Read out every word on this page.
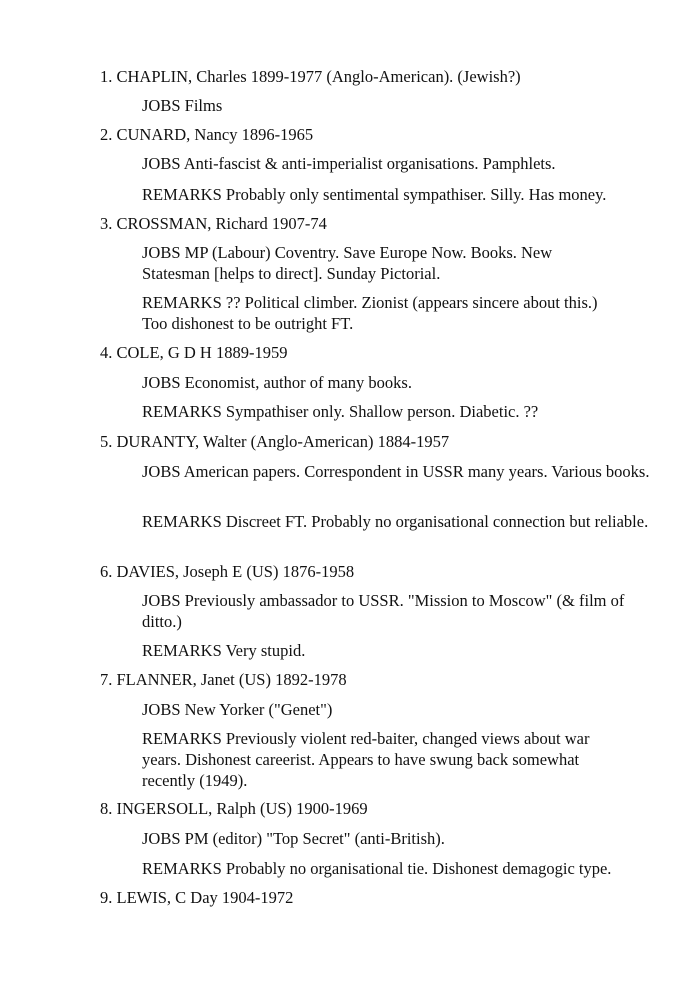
1. CHAPLIN, Charles 1899-1977 (Anglo-American). (Jewish?)
JOBS Films
2. CUNARD, Nancy 1896-1965
JOBS Anti-fascist & anti-imperialist organisations. Pamphlets.
REMARKS Probably only sentimental sympathiser. Silly. Has money.
3. CROSSMAN, Richard 1907-74
JOBS MP (Labour) Coventry. Save Europe Now. Books. New Statesman [helps to direct]. Sunday Pictorial.
REMARKS ?? Political climber. Zionist (appears sincere about this.) Too dishonest to be outright FT.
4. COLE, G D H 1889-1959
JOBS Economist, author of many books.
REMARKS Sympathiser only. Shallow person. Diabetic. ??
5. DURANTY, Walter (Anglo-American) 1884-1957
JOBS American papers. Correspondent in USSR many years. Various books.
REMARKS Discreet FT. Probably no organisational connection but reliable.
6. DAVIES, Joseph E (US) 1876-1958
JOBS Previously ambassador to USSR. "Mission to Moscow" (& film of ditto.)
REMARKS Very stupid.
7. FLANNER, Janet (US) 1892-1978
JOBS New Yorker ("Genet")
REMARKS Previously violent red-baiter, changed views about war years. Dishonest careerist. Appears to have swung back somewhat recently (1949).
8. INGERSOLL, Ralph (US) 1900-1969
JOBS PM (editor) "Top Secret" (anti-British).
REMARKS Probably no organisational tie. Dishonest demagogic type.
9. LEWIS, C Day 1904-1972
